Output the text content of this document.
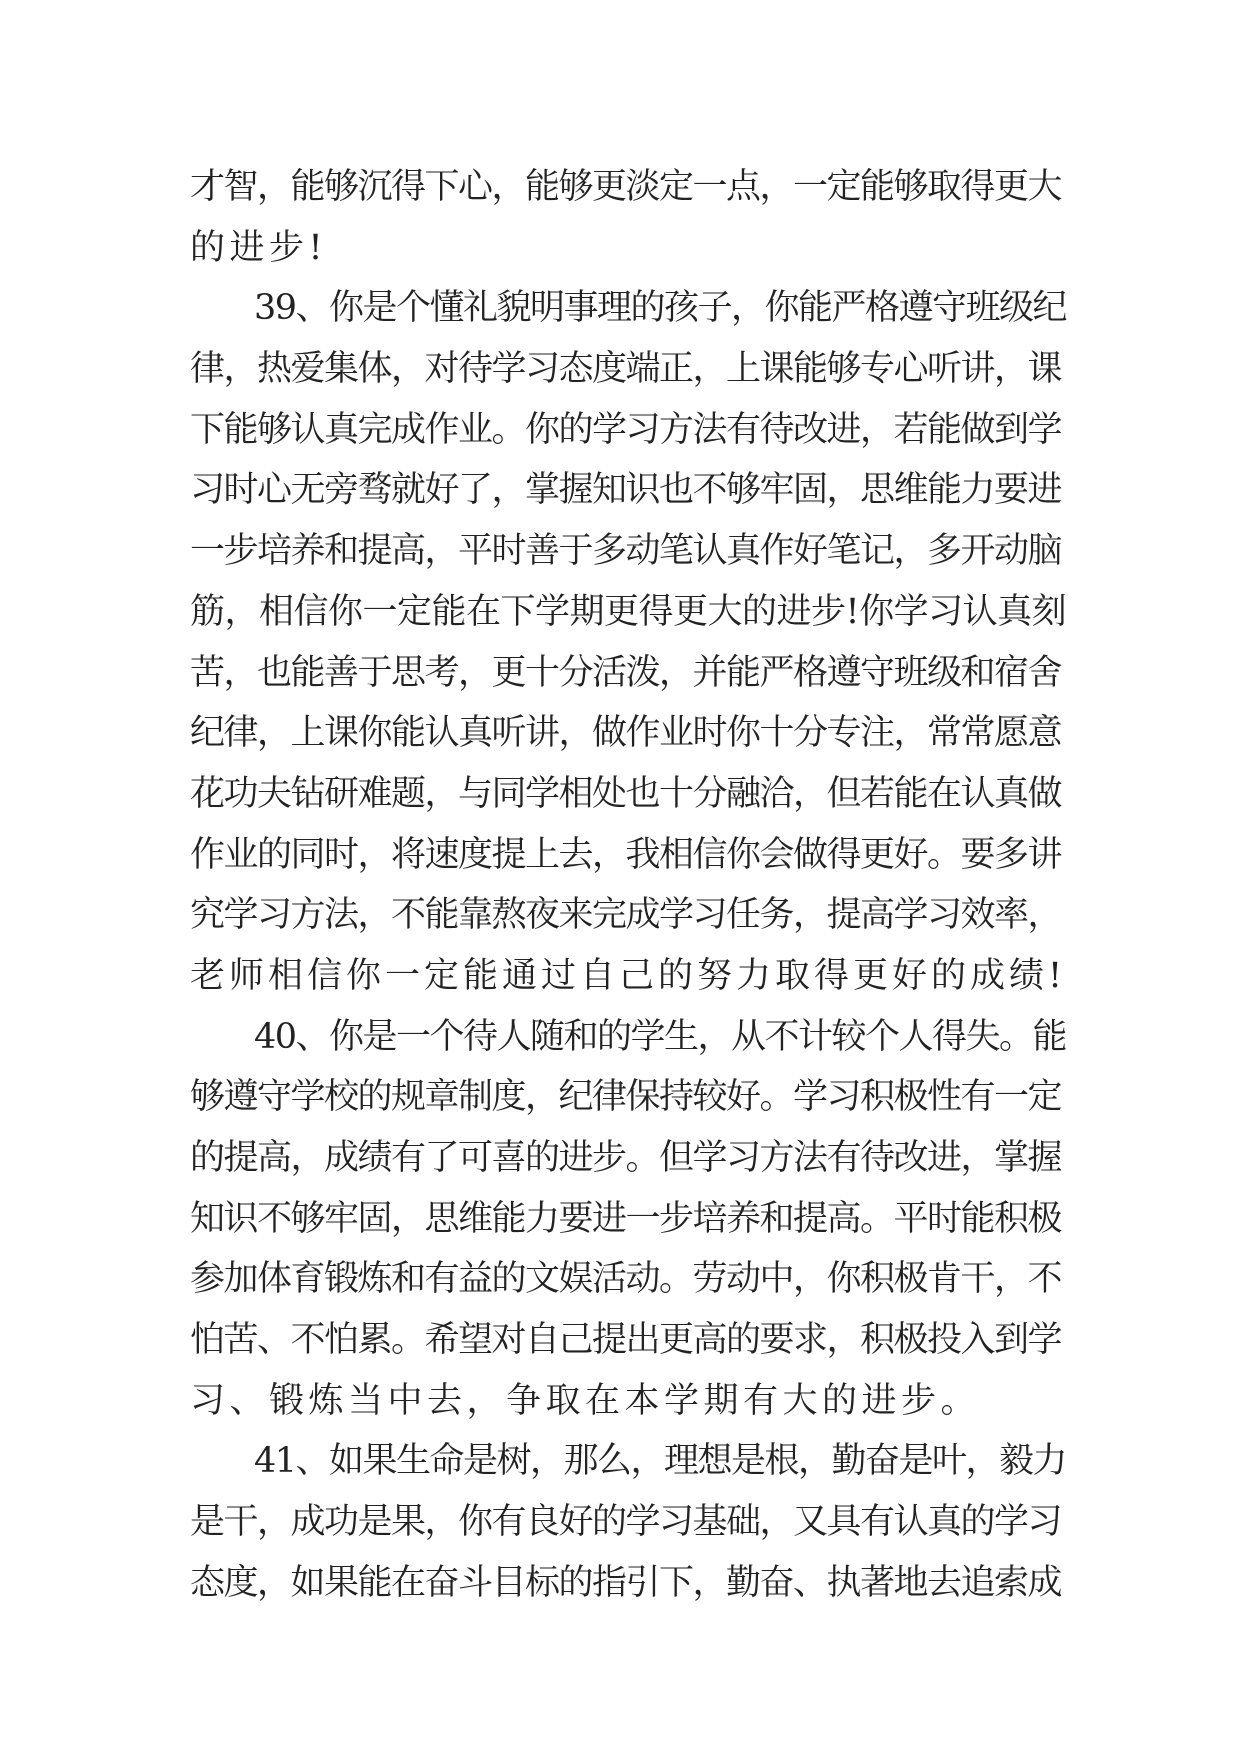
才智，能够沉得下心，能够更淡定一点，一定能够取得更大
的进步!
39、你是个懂礼貌明事理的孩子，你能严格遵守班级纪
律，热爱集体，对待学习态度端正，上课能够专心听讲，课
下能够认真完成作业。你的学习方法有待改进，若能做到学
习时心无旁骛就好了，掌握知识也不够牢固，思维能力要进
一步培养和提高，平时善于多动笔认真作好笔记，多开动脑
筋，相信你一定能在下学期更得更大的进步!你学习认真刻
苦，也能善于思考，更十分活泼，并能严格遵守班级和宿舍
纪律，上课你能认真听讲，做作业时你十分专注，常常愿意
花功夫钻研难题，与同学相处也十分融洽，但若能在认真做
作业的同时，将速度提上去，我相信你会做得更好。要多讲
究学习方法，不能靠熬夜来完成学习任务，提高学习效率，
老师相信你一定能通过自己的努力取得更好的成绩!
40、你是一个待人随和的学生，从不计较个人得失。能
够遵守学校的规章制度，纪律保持较好。学习积极性有一定
的提高，成绩有了可喜的进步。但学习方法有待改进，掌握
知识不够牢固，思维能力要进一步培养和提高。平时能积极
参加体育锻炼和有益的文娱活动。劳动中，你积极肯干，不
怕苦、不怕累。希望对自己提出更高的要求，积极投入到学
习、锻炼当中去，争取在本学期有大的进步。
41、如果生命是树，那么，理想是根，勤奋是叶，毅力
是干，成功是果，你有良好的学习基础，又具有认真的学习
态度，如果能在奋斗目标的指引下，勤奋、执著地去追索成
